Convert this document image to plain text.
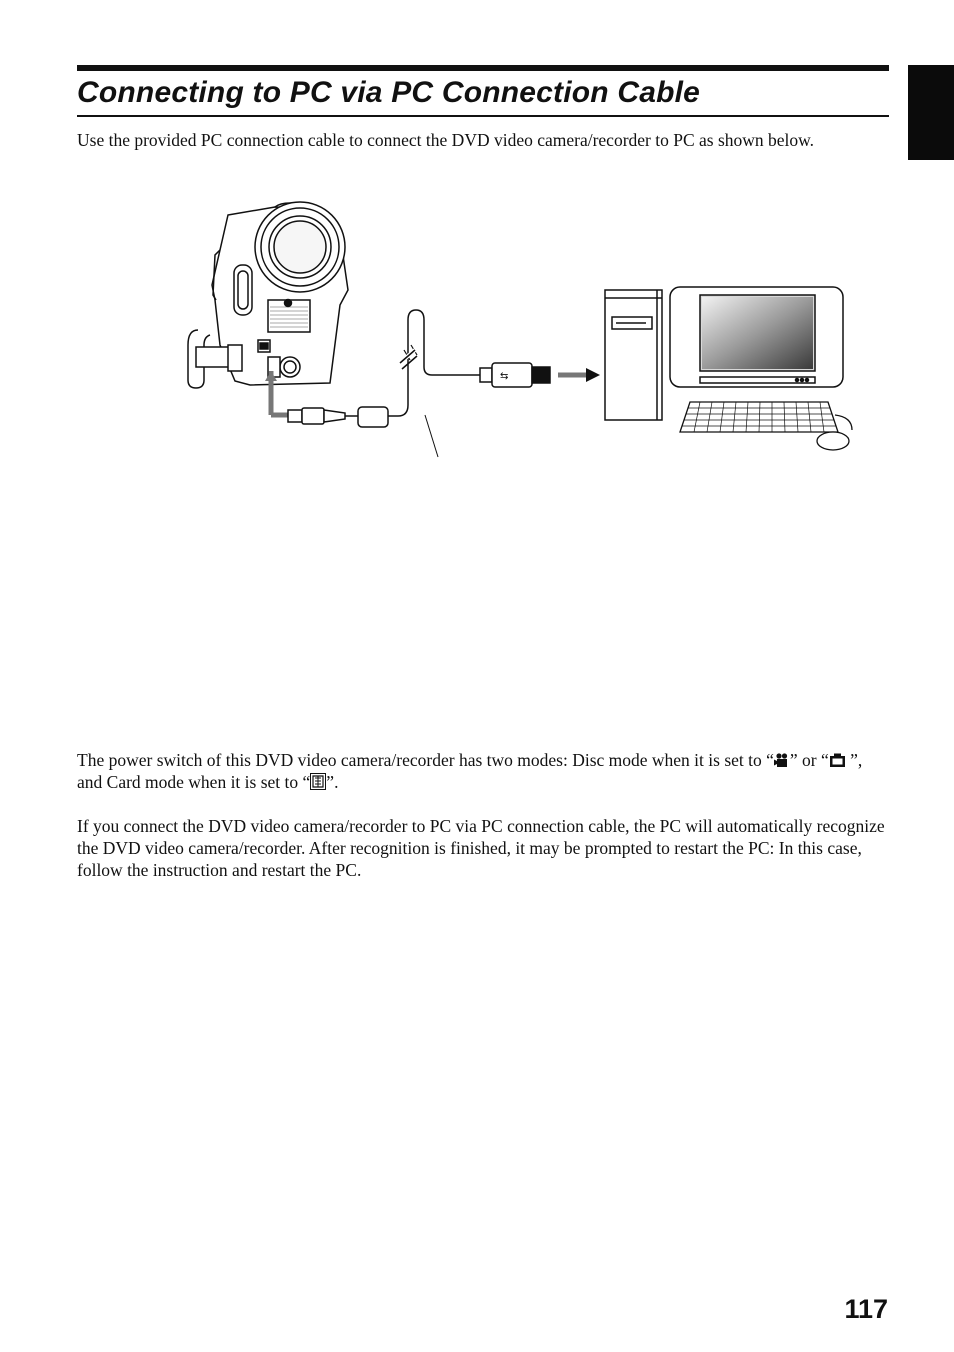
Connecting to PC via PC Connection Cable

Use the provided PC connection cable to connect the DVD video camera/recorder to PC as shown below.

⇆

The power switch of this DVD video camera/recorder has two modes: Disc mode when it is set to “ ” or “ ”, and Card mode when it is set to “ ”.

If you connect the DVD video camera/recorder to PC via PC connection cable, the PC will automatically recognize the DVD video camera/recorder. After recognition is finished, it may be prompted to restart the PC: In this case, follow the instruction and restart the PC.

117
